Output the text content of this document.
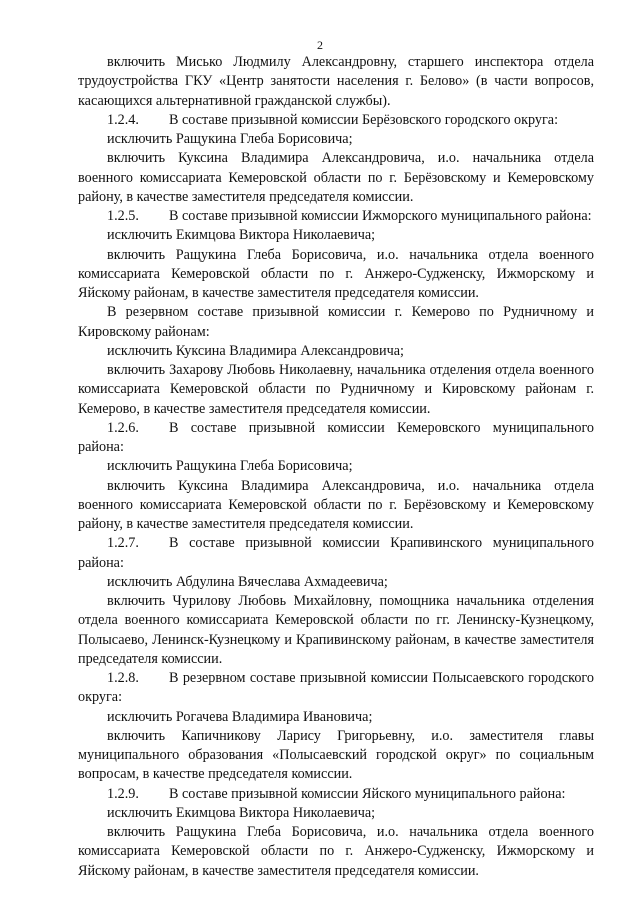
2

включить Мисько Людмилу Александровну, старшего инспектора отдела трудоустройства ГКУ «Центр занятости населения г. Белово» (в части вопросов, касающихся альтернативной гражданской службы).

1.2.4. В составе призывной комиссии Берёзовского городского округа:

исключить Ращукина Глеба Борисовича;

включить Куксина Владимира Александровича, и.о. начальника отдела военного комиссариата Кемеровской области по г. Берёзовскому и Кемеровскому району, в качестве заместителя председателя комиссии.

1.2.5. В составе призывной комиссии Ижморского муниципального района:

исключить Екимцова Виктора Николаевича;

включить Ращукина Глеба Борисовича, и.о. начальника отдела военного комиссариата Кемеровской области по г. Анжеро-Судженску, Ижморскому и Яйскому районам, в качестве заместителя председателя комиссии.

В резервном составе призывной комиссии г. Кемерово по Рудничному и Кировскому районам:

исключить Куксина Владимира Александровича;

включить Захарову Любовь Николаевну, начальника отделения отдела военного комиссариата Кемеровской области по Рудничному и Кировскому районам г. Кемерово, в качестве заместителя председателя комиссии.

1.2.6. В составе призывной комиссии Кемеровского муниципального района:

исключить Ращукина Глеба Борисовича;

включить Куксина Владимира Александровича, и.о. начальника отдела военного комиссариата Кемеровской области по г. Берёзовскому и Кемеровскому району, в качестве заместителя председателя комиссии.

1.2.7. В составе призывной комиссии Крапивинского муниципального района:

исключить Абдулина Вячеслава Ахмадеевича;

включить Чурилову Любовь Михайловну, помощника начальника отделения отдела военного комиссариата Кемеровской области по гг. Ленинску-Кузнецкому, Полысаево, Ленинск-Кузнецкому и Крапивинскому районам, в качестве заместителя председателя комиссии.

1.2.8. В резервном составе призывной комиссии Полысаевского городского округа:

исключить Рогачева Владимира Ивановича;

включить Капичникову Ларису Григорьевну, и.о. заместителя главы муниципального образования «Полысаевский городской округ» по социальным вопросам, в качестве председателя комиссии.

1.2.9. В составе призывной комиссии Яйского муниципального района:

исключить Екимцова Виктора Николаевича;

включить Ращукина Глеба Борисовича, и.о. начальника отдела военного комиссариата Кемеровской области по г. Анжеро-Судженску, Ижморскому и Яйскому районам, в качестве заместителя председателя комиссии.
